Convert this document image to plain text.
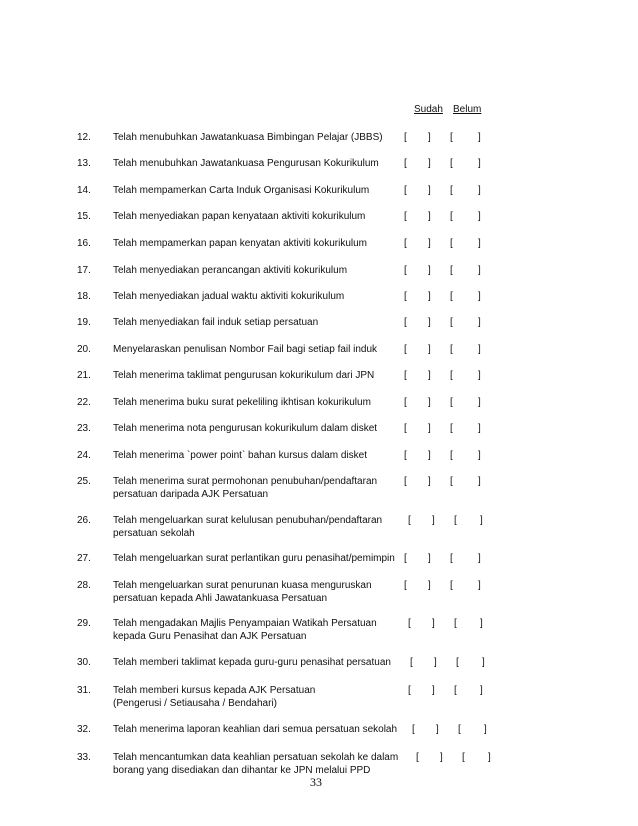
Sudah Belum
12. Telah menubuhkan Jawatankuasa Bimbingan Pelajar (JBBS)	[ ] [	]
13. Telah menubuhkan Jawatankuasa Pengurusan Kokurikulum	[ ] [	]
14. Telah mempamerkan Carta Induk Organisasi Kokurikulum	[ ] [	]
15. Telah menyediakan papan kenyataan aktiviti kokurikulum	[ ] [	]
16. Telah mempamerkan papan kenyatan aktiviti kokurikulum	[ ] [	]
17. Telah menyediakan perancangan aktiviti kokurikulum	[ ] [	]
18. Telah menyediakan jadual waktu aktiviti kokurikulum	[ ] [	]
19. Telah menyediakan fail induk setiap persatuan	[ ] [	]
20. Menyelaraskan penulisan Nombor Fail bagi setiap fail induk	[ ] [	]
21. Telah menerima taklimat pengurusan kokurikulum dari JPN	[ ] [	]
22. Telah menerima buku surat pekeliling ikhtisan kokurikulum	[ ] [	]
23. Telah menerima nota pengurusan kokurikulum dalam disket	[ ] [	]
24. Telah menerima `power point` bahan kursus dalam disket	[ ] [	]
25. Telah menerima surat permohonan penubuhan/pendaftaran
persatuan daripada AJK Persatuan
[ ] [	]
26. Telah mengeluarkan surat kelulusan penubuhan/pendaftaran
persatuan sekolah
[ ] [ ]
27. Telah mengeluarkan surat perlantikan guru penasihat/pemimpin [ ] [	]
28. Telah mengeluarkan surat penurunan kuasa menguruskan
persatuan kepada Ahli Jawatankuasa Persatuan
[ ] [	]
29. Telah mengadakan Majlis Penyampaian Watikah Persatuan
kepada Guru Penasihat dan AJK Persatuan
[ ] [ ]
30. Telah memberi taklimat kepada guru-guru penasihat persatuan	[ ] [ ]
31. Telah memberi kursus kepada AJK Persatuan
(Pengerusi / Setiausaha / Bendahari)
[ ] [ ]
32. Telah menerima laporan keahlian dari semua persatuan sekolah	[ ] [ ]
33. Telah mencantumkan data keahlian persatuan sekolah ke dalam
borang yang disediakan dan dihantar ke JPN melalui PPD
[ ] [ ]
33
